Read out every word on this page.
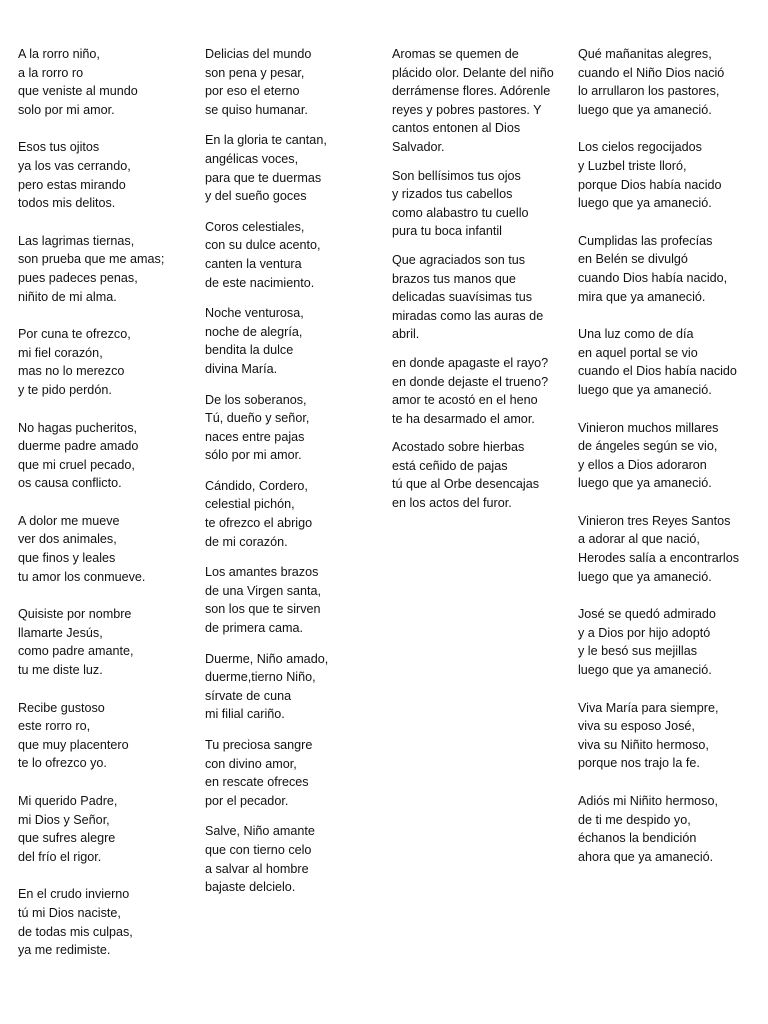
A la rorro niño,
a la rorro ro
que veniste al mundo
solo por mi amor.

Esos tus ojitos
ya los vas cerrando,
pero estas mirando
todos mis delitos.

Las lagrimas tiernas,
son prueba que me amas;
pues padeces penas,
niñito de mi alma.

Por cuna te ofrezco,
mi fiel corazón,
mas no lo merezco
y te pido perdón.

No hagas pucheritos,
duerme padre amado
que mi cruel pecado,
os causa conflicto.

A dolor me mueve
ver dos animales,
que finos y leales
tu amor los conmueve.

Quisiste por nombre
llamarte Jesús,
como padre amante,
tu me diste luz.

Recibe gustoso
este rorro ro,
que muy placentero
te lo ofrezco yo.

Mi querido Padre,
mi Dios y Señor,
que sufres alegre
del frío el rigor.

En el crudo invierno
tú mi Dios naciste,
de todas mis culpas,
ya me redimiste.

Delicias del mundo
son pena y pesar,
por eso el eterno
se quiso humanar.

En la gloria te cantan,
angélicas voces,
para que te duermas
y del sueño goces

Coros celestiales,
con su dulce acento,
canten la ventura
de este nacimiento.

Noche venturosa,
noche de alegría,
bendita la dulce
divina María.

De los soberanos,
Tú, dueño y señor,
naces entre pajas
sólo por mi amor.

Cándido, Cordero,
celestial pichón,
te ofrezco el abrigo
de mi corazón.

Los amantes brazos
de una Virgen santa,
son los que te sirven
de primera cama.

Duerme, Niño amado,
duerme,tierno Niño,
sírvate de cuna
mi filial cariño.

Tu preciosa sangre
con divino amor,
en rescate ofreces
por el pecador.

Salve, Niño amante
que con tierno celo
a salvar al hombre
bajaste delcielo.

Aromas se quemen de
plácido olor. Delante del niño
derrámense flores. Adórenle
reyes y pobres pastores. Y
cantos entonen al Dios
Salvador.

Son bellísimos tus ojos
y rizados tus cabellos
como alabastro tu cuello
pura tu boca infantil

Que agraciados son tus
brazos tus manos que
delicadas suavísimas tus
miradas como las auras de
abril.

en donde apagaste el rayo?
en donde dejaste el trueno?
amor te acostó en el heno
te ha desarmado el amor.

Acostado sobre hierbas
está ceñido de pajas
tú que al Orbe desencajas
en los actos del furor.

Qué mañanitas alegres,
cuando el Niño Dios nació
lo arrullaron los pastores,
luego que ya amaneció.

Los cielos regocijados
y Luzbel triste lloró,
porque Dios había nacido
luego que ya amaneció.

Cumplidas las profecías
en Belén se divulgó
cuando Dios había nacido,
mira que ya amaneció.

Una luz como de día
en aquel portal se vio
cuando el Dios había nacido
luego que ya amaneció.

Vinieron muchos millares
de ángeles según se vio,
y ellos a Dios adoraron
luego que ya amaneció.

Vinieron tres Reyes Santos
a adorar al que nació,
Herodes salía a encontrarlos
luego que ya amaneció.

José se quedó admirado
y a Dios por hijo adoptó
y le besó sus mejillas
luego que ya amaneció.

Viva María para siempre,
viva su esposo José,
viva su Niñito hermoso,
porque nos trajo la fe.

Adiós mi Niñito hermoso,
de ti me despido yo,
échanos la bendición
ahora que ya amaneció.
